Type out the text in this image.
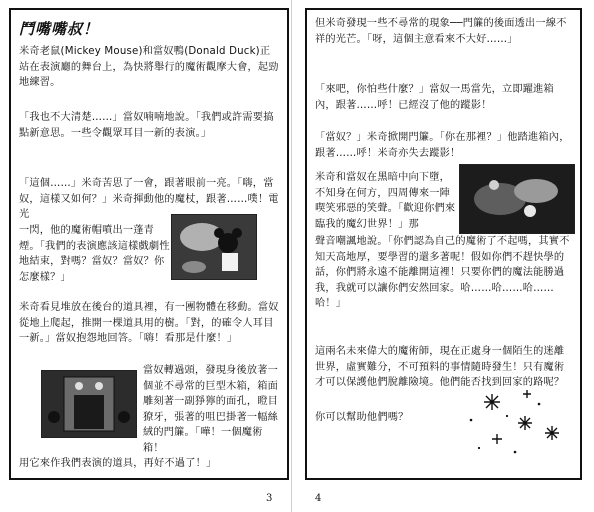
鬥嘴嘴叔！
米奇老鼠(Mickey Mouse)和當奴鴨(Donald Duck)正站在表演廳的舞台上，為快將舉行的魔術觀摩大會，起勁地練習。
「我也不大清楚……」當奴喃喃地說。「我們或許需要搞點新意思。一些令觀眾耳目一新的表演。」
「這個……」米奇苦思了一會，跟著眼前一亮。「嗨，當奴，這樣又如何？」米奇揮動他的魔杖，跟著……噗！電光
一閃，他的魔術帽噴出一蓬青煙。「我們的表演應該這樣戲劇性地結束，對嗎？當奴？當奴？你怎麼樣？」
米奇看見堆放在後台的道具裡，有一團物體在移動。當奴從地上爬起，推開一棵道具用的樹。「對，的確令人耳目一新。」當奴抱怨地回答。「嗨！看那是什麼！」
當奴轉過頭，發現身後放著一個並不尋常的巨型木箱，箱面雕刻著一副猙獰的面孔，瞪目獠牙，張著的咀巴掛著一幅絲絨的門簾。「嘩！一個魔術箱！
用它來作我們表演的道具，再好不過了！」
3
但米奇發現一些不尋常的現象──門簾的後面透出一線不祥的光芒。「呀，這個主意看來不大好……」
「來吧，你怕些什麼？」當奴一馬當先，立即躍進箱內，跟著……呼！已經沒了他的蹤影！
「當奴？」米奇掀開門簾。「你在那裡？」他踏進箱內，跟著……呼！米奇亦失去蹤影！
米奇和當奴在黑暗中向下墮，不知身在何方，四周傳來一陣喫笑邪惡的笑聲。「歡迎你們來臨我的魔幻世界！」那
聲音嘲諷地說。「你們認為自己的魔術了不起嗎，其實不知天高地厚，要學習的還多著呢！假如你們不趕快學的話，你們將永遠不能離開這裡！只要你們的魔法能勝過我，我就可以讓你們安然回家。哈……哈……哈……哈！」
這兩名未來偉大的魔術師，現在正處身一個陌生的迷離世界，虛實難分，不可預料的事情隨時發生！只有魔術才可以保護他們脫離險境。他們能否找到回家的路呢？
你可以幫助他們嗎？
4
